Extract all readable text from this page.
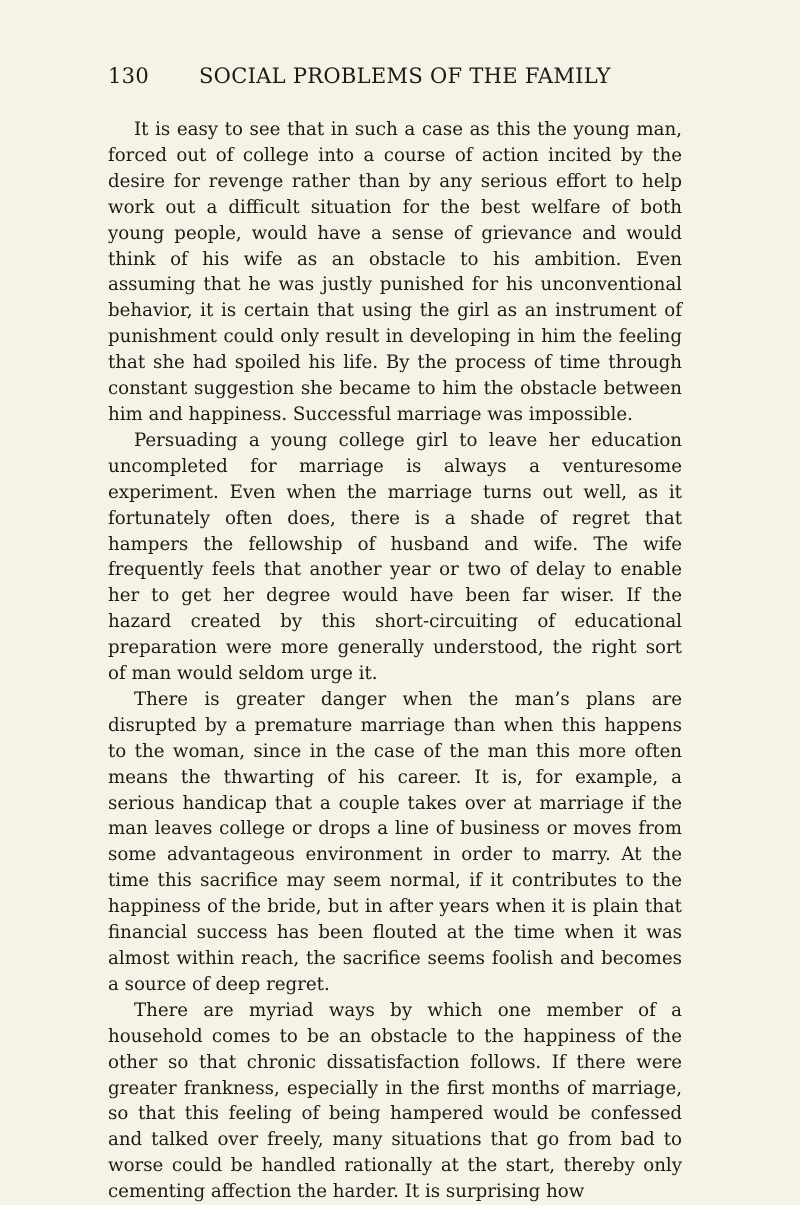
130 SOCIAL PROBLEMS OF THE FAMILY

It is easy to see that in such a case as this the young man, forced out of college into a course of action incited by the desire for revenge rather than by any serious effort to help work out a difficult situation for the best welfare of both young people, would have a sense of grievance and would think of his wife as an obstacle to his ambition. Even assuming that he was justly punished for his unconventional behavior, it is certain that using the girl as an instrument of punishment could only result in developing in him the feeling that she had spoiled his life. By the process of time through constant suggestion she became to him the obstacle between him and happiness. Successful marriage was impossible.

Persuading a young college girl to leave her education uncompleted for marriage is always a venturesome experiment. Even when the marriage turns out well, as it fortunately often does, there is a shade of regret that hampers the fellowship of husband and wife. The wife frequently feels that another year or two of delay to enable her to get her degree would have been far wiser. If the hazard created by this short-circuiting of educational preparation were more generally understood, the right sort of man would seldom urge it.

There is greater danger when the man’s plans are disrupted by a premature marriage than when this happens to the woman, since in the case of the man this more often means the thwarting of his career. It is, for example, a serious handicap that a couple takes over at marriage if the man leaves college or drops a line of business or moves from some advantageous environment in order to marry. At the time this sacrifice may seem normal, if it contributes to the happiness of the bride, but in after years when it is plain that financial success has been flouted at the time when it was almost within reach, the sacrifice seems foolish and becomes a source of deep regret.

There are myriad ways by which one member of a household comes to be an obstacle to the happiness of the other so that chronic dissatisfaction follows. If there were greater frankness, especially in the first months of marriage, so that this feeling of being hampered would be confessed and talked over freely, many situations that go from bad to worse could be handled rationally at the start, thereby only cementing affection the harder. It is surprising how
